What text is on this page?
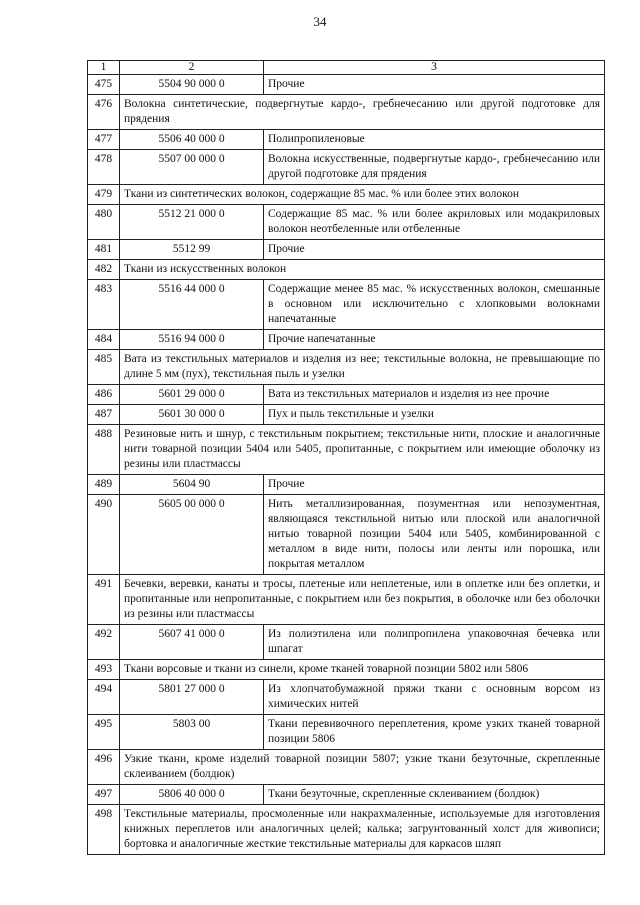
34
1	2	3
475	5504 90 000 0	Прочие
476	Волокна синтетические, подвергнутые кардо-, гребнечесанию или другой подготовке для прядения	
477	5506 40 000 0	Полипропиленовые
478	5507 00 000 0	Волокна искусственные, подвергнутые кардо-, гребнечесанию или другой подготовке для прядения
479	Ткани из синтетических волокон, содержащие 85 мас. % или более этих волокон	
480	5512 21 000 0	Содержащие 85 мас. % или более акриловых или модакриловых волокон неотбеленные или отбеленные
481	5512 99	Прочие
482	Ткани из искусственных волокон	
483	5516 44 000 0	Содержащие менее 85 мас. % искусственных волокон, смешанные в основном или исключительно с хлопковыми волокнами напечатанные
484	5516 94 000 0	Прочие напечатанные
485	Вата из текстильных материалов и изделия из нее; текстильные волокна, не превышающие по длине 5 мм (пух), текстильная пыль и узелки	
486	5601 29 000 0	Вата из текстильных материалов и изделия из нее прочие
487	5601 30 000 0	Пух и пыль текстильные и узелки
488	Резиновые нить и шнур, с текстильным покрытием; текстильные нити, плоские и аналогичные нити товарной позиции 5404 или 5405, пропитанные, с покрытием или имеющие оболочку из резины или пластмассы	
489	5604 90	Прочие
490	5605 00 000 0	Нить металлизированная, позументная или непозументная, являющаяся текстильной нитью или плоской или аналогичной нитью товарной позиции 5404 или 5405, комбинированной с металлом в виде нити, полосы или ленты или порошка, или покрытая металлом
491	Бечевки, веревки, канаты и тросы, плетеные или неплетеные, или в оплетке или без оплетки, и пропитанные или непропитанные, с покрытием или без покрытия, в оболочке или без оболочки из резины или пластмассы	
492	5607 41 000 0	Из полиэтилена или полипропилена упаковочная бечевка или шпагат
493	Ткани ворсовые и ткани из синели, кроме тканей товарной позиции 5802 или 5806	
494	5801 27 000 0	Из хлопчатобумажной пряжи ткани с основным ворсом из химических нитей
495	5803 00	Ткани перевивочного переплетения, кроме узких тканей товарной позиции 5806
496	Узкие ткани, кроме изделий товарной позиции 5807; узкие ткани безуточные, скрепленные склеиванием (болдюк)	
497	5806 40 000 0	Ткани безуточные, скрепленные склеиванием (болдюк)
498	Текстильные материалы, просмоленные или накрахмаленные, используемые для изготовления книжных переплетов или аналогичных целей; калька; загрунтованный холст для живописи; бортовка и аналогичные жесткие текстильные материалы для каркасов шляп	
